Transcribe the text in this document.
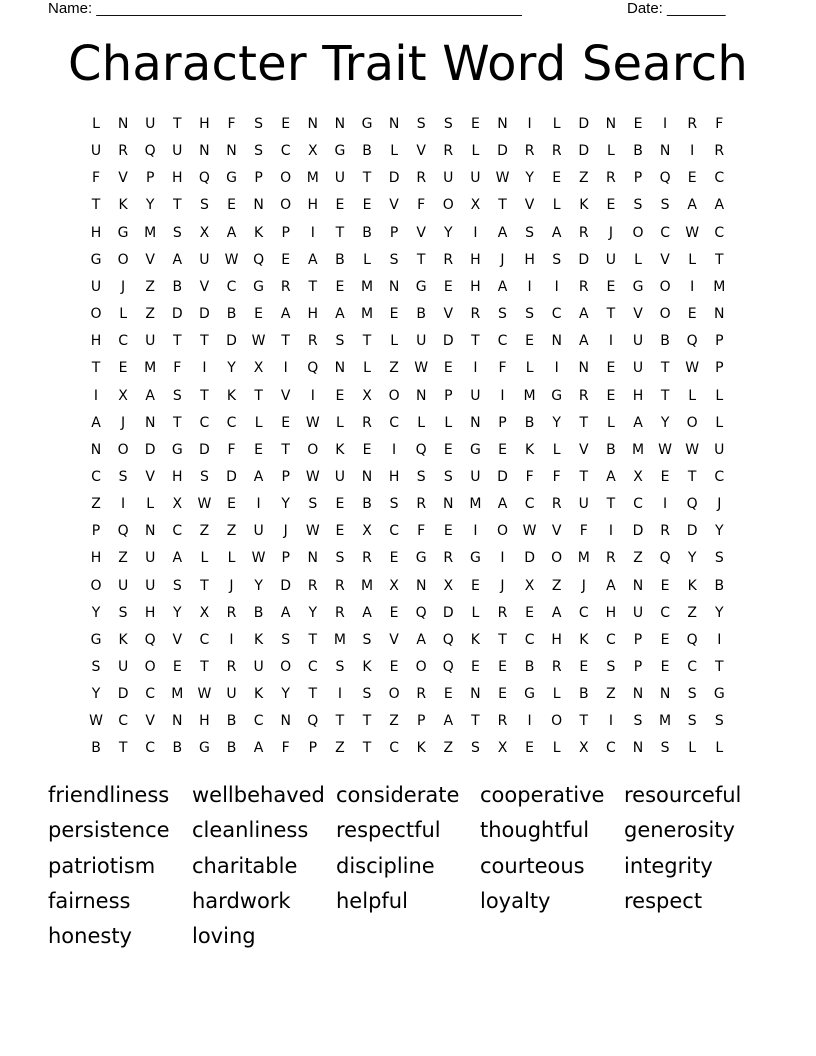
Name: ___________________________________________________	Date: _______
Character Trait Word Search
L	N	U	T	H	F	S	E	N	N	G	N	S	S	E	N	I	L	D	N	E	I	R	F
U	R	Q	U	N	N	S	C	X	G	B	L	V	R	L	D	R	R	D	L	B	N	I	R
F	V	P	H	Q	G	P	O	M	U	T	D	R	U	U	W	Y	E	Z	R	P	Q	E	C
T	K	Y	T	S	E	N	O	H	E	E	V	F	O	X	T	V	L	K	E	S	S	A	A
H	G	M	S	X	A	K	P	I	T	B	P	V	Y	I	A	S	A	R	J	O	C	W	C
G	O	V	A	U	W	Q	E	A	B	L	S	T	R	H	J	H	S	D	U	L	V	L	T
U	J	Z	B	V	C	G	R	T	E	M	N	G	E	H	A	I	I	R	E	G	O	I	M
O	L	Z	D	D	B	E	A	H	A	M	E	B	V	R	S	S	C	A	T	V	O	E	N
H	C	U	T	T	D	W	T	R	S	T	L	U	D	T	C	E	N	A	I	U	B	Q	P
T	E	M	F	I	Y	X	I	Q	N	L	Z	W	E	I	F	L	I	N	E	U	T	W	P
I	X	A	S	T	K	T	V	I	E	X	O	N	P	U	I	M	G	R	E	H	T	L	L
A	J	N	T	C	C	L	E	W	L	R	C	L	L	N	P	B	Y	T	L	A	Y	O	L
N	O	D	G	D	F	E	T	O	K	E	I	Q	E	G	E	K	L	V	B	M	W W	U
C	S	V	H	S	D	A	P	W	U	N	H	S	S	U	D	F	F	T	A	X	E	T	C
Z	I	L	X	W	E	I	Y	S	E	B	S	R	N	M	A	C	R	U	T	C	I	Q	J
P	Q	N	C	Z	Z	U	J	W	E	X	C	F	E	I	O	W	V	F	I	D	R	D	Y
H	Z	U	A	L	L	W	P	N	S	R	E	G	R	G	I	D	O	M	R	Z	Q	Y	S
O	U	U	S	T	J	Y	D	R	R	M	X	N	X	E	J	X	Z	J	A	N	E	K	B
Y	S	H	Y	X	R	B	A	Y	R	A	E	Q	D	L	R	E	A	C	H	U	C	Z	Y
G	K	Q	V	C	I	K	S	T	M	S	V	A	Q	K	T	C	H	K	C	P	E	Q	I
S	U	O	E	T	R	U	O	C	S	K	E	O	Q	E	E	B	R	E	S	P	E	C	T
Y	D	C	M	W	U	K	Y	T	I	S	O	R	E	N	E	G	L	B	Z	N	N	S	G
W	C	V	N	H	B	C	N	Q	T	T	Z	P	A	T	R	I	O	T	I	S	M	S	S
B	T	C	B	G	B	A	F	P	Z	T	C	K	Z	S	X	E	L	X	C	N	S	L	L
friendliness wellbehaved considerate cooperative resourceful
persistence cleanliness respectful thoughtful generosity
patriotism charitable discipline courteous integrity
fairness	hardwork helpful	loyalty	respect
honesty	loving
